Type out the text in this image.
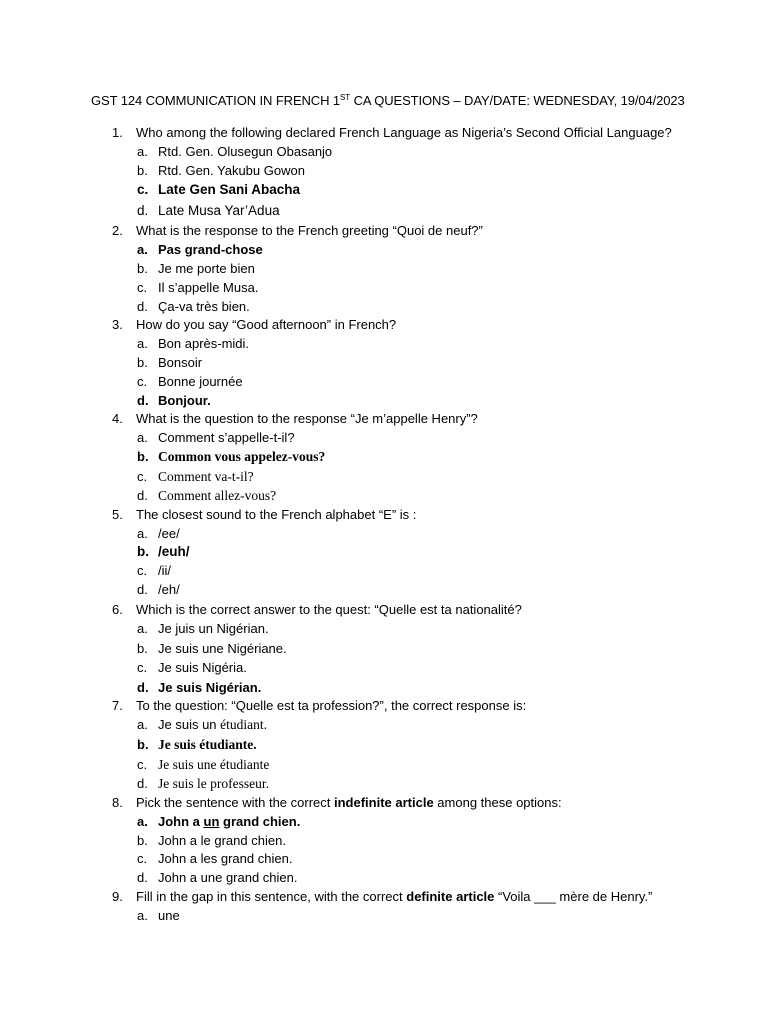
GST 124 COMMUNICATION IN FRENCH 1ST CA QUESTIONS – DAY/DATE: WEDNESDAY, 19/04/2023
1. Who among the following declared French Language as Nigeria’s Second Official Language?
a. Rtd. Gen. Olusegun Obasanjo
b. Rtd. Gen. Yakubu Gowon
c. Late Gen Sani Abacha
d. Late Musa Yar’Adua
2. What is the response to the French greeting “Quoi de neuf?”
a. Pas grand-chose
b. Je me porte bien
c. Il s’appelle Musa.
d. Ça-va très bien.
3. How do you say “Good afternoon” in French?
a. Bon après-midi.
b. Bonsoir
c. Bonne journée
d. Bonjour.
4. What is the question to the response “Je m’appelle Henry”?
a. Comment s’appelle-t-il?
b. Common vous appelez-vous?
c. Comment va-t-il?
d. Comment allez-vous?
5. The closest sound to the French alphabet “E” is :
a. /ee/
b. /euh/
c. /ii/
d. /eh/
6. Which is the correct answer to the quest: “Quelle est ta nationalité?
a. Je juis un Nigérian.
b. Je suis une Nigériane.
c. Je suis Nigéria.
d. Je suis Nigérian.
7. To the question: “Quelle est ta profession?”, the correct response is:
a. Je suis un étudiant.
b. Je suis étudiante.
c. Je suis une étudiante
d. Je suis le professeur.
8. Pick the sentence with the correct indefinite article among these options:
a. John a un grand chien.
b. John a le grand chien.
c. John a les grand chien.
d. John a une grand chien.
9. Fill in the gap in this sentence, with the correct definite article “Voila ___ mère de Henry.”
a. une
